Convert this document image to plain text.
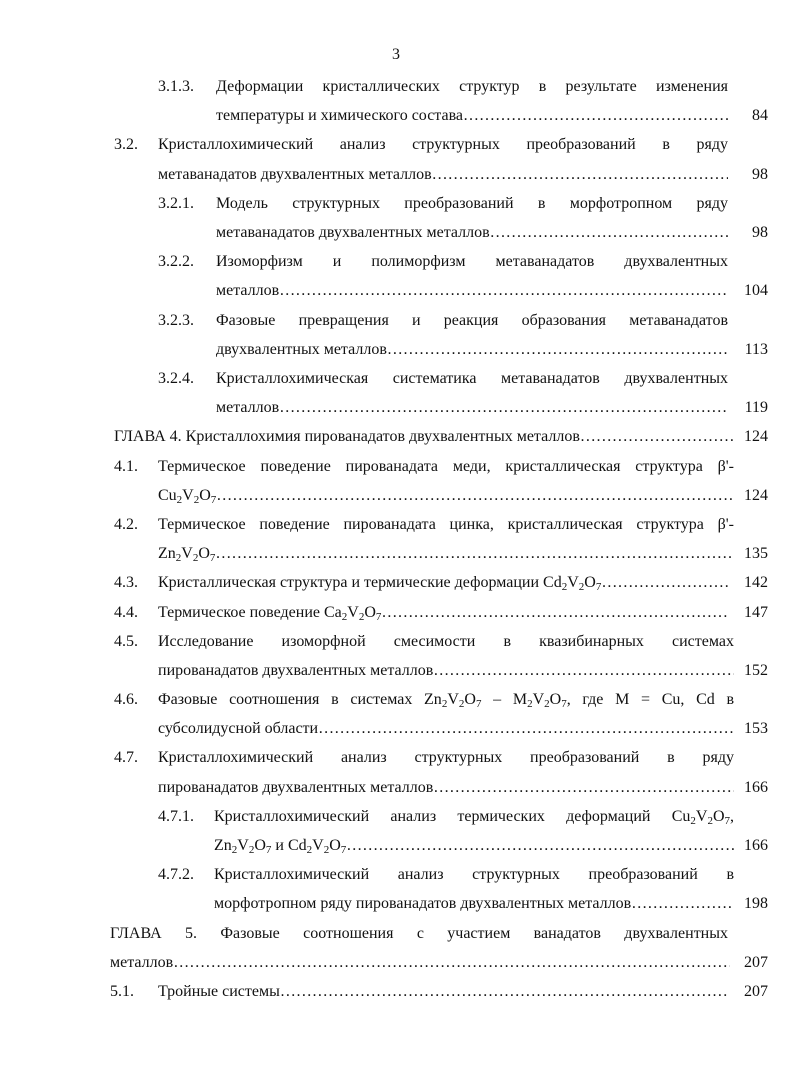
3
3.1.3. Деформации кристаллических структур в результате изменения
температуры и химического состава ……………………………………………………………………………………………………………………………………………………………………………………	84
3.2. Кристаллохимический анализ структурных преобразований в ряду
метаванадатов двухвалентных металлов ……………………………………………………………………………………………………………………………………………………………………………………	98
3.2.1. Модель структурных преобразований в морфотропном ряду
метаванадатов двухвалентных металлов ……………………………………………………………………………………………………………………………………………………………………………………	98
3.2.2. Изоморфизм и полиморфизм метаванадатов двухвалентных
металлов ……………………………………………………………………………………………………………………………………………………………………………………	104
3.2.3. Фазовые превращения и реакция образования метаванадатов
двухвалентных металлов ……………………………………………………………………………………………………………………………………………………………………………………	113
3.2.4. Кристаллохимическая систематика метаванадатов двухвалентных
металлов ……………………………………………………………………………………………………………………………………………………………………………………	119
ГЛАВА 4. Кристаллохимия пированадатов двухвалентных металлов ……………………………………………………………………………………………………………………………………………………………………………………	124
4.1. Термическое поведение пированадата меди, кристаллическая структура β'-
$Cu_2V_2O_7$ ……………………………………………………………………………………………………………………………………………………………………………………	124
4.2. Термическое поведение пированадата цинка, кристаллическая структура β'-
$Zn_2V_2O_7$ ……………………………………………………………………………………………………………………………………………………………………………………	135
4.3. Кристаллическая структура и термические деформации $Cd_2V_2O_7$ ……………………………………………………………………………………………………………………………………………………………………………………	142
4.4. Термическое поведение $Ca_2V_2O_7$ ……………………………………………………………………………………………………………………………………………………………………………………	147
4.5. Исследование изоморфной смесимости в квазибинарных системах
пированадатов двухвалентных металлов ……………………………………………………………………………………………………………………………………………………………………………………	152
4.6. Фазовые соотношения в системах $Zn_2V_2O_7 - M_2V_2O_7$, где M = Cu, Cd в
субсолидусной области ……………………………………………………………………………………………………………………………………………………………………………………	153
4.7. Кристаллохимический анализ структурных преобразований в ряду
пированадатов двухвалентных металлов ……………………………………………………………………………………………………………………………………………………………………………………	166
4.7.1. Кристаллохимический анализ термических деформаций $Cu_2V_2O_7$,
$Zn_2V_2O_7$ и $Cd_2V_2O_7$ ……………………………………………………………………………………………………………………………………………………………………………………	166
4.7.2. Кристаллохимический анализ структурных преобразований в
морфотропном ряду пированадатов двухвалентных металлов ……………………………………………………………………………………………………………………………………………………………………………………	198
ГЛАВА 5. Фазовые соотношения с участием ванадатов двухвалентных
металлов ……………………………………………………………………………………………………………………………………………………………………………………	207
5.1. Тройные системы ……………………………………………………………………………………………………………………………………………………………………………………	207
